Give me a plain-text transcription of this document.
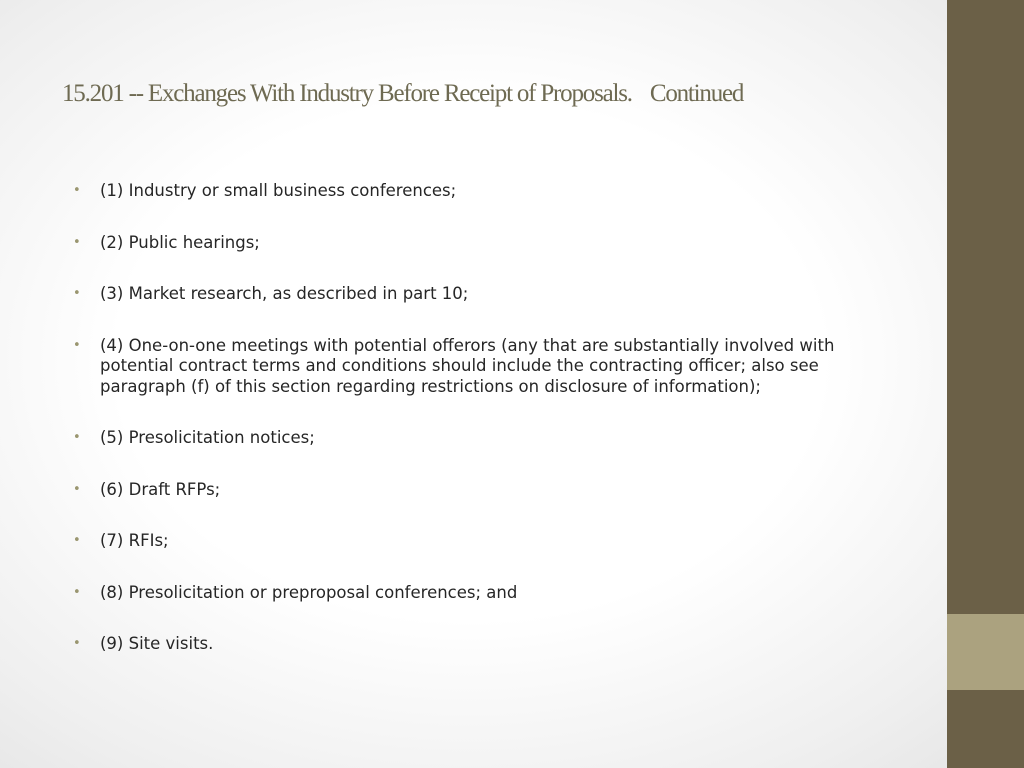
15.201 -- Exchanges With Industry Before Receipt of Proposals. Continued
• (1) Industry or small business conferences;
• (2) Public hearings;
• (3) Market research, as described in part 10;
• (4) One-on-one meetings with potential offerors (any that are substantially involved with potential contract terms and conditions should include the contracting officer; also see paragraph (f) of this section regarding restrictions on disclosure of information);
• (5) Presolicitation notices;
• (6) Draft RFPs;
• (7) RFIs;
• (8) Presolicitation or preproposal conferences; and
• (9) Site visits.
